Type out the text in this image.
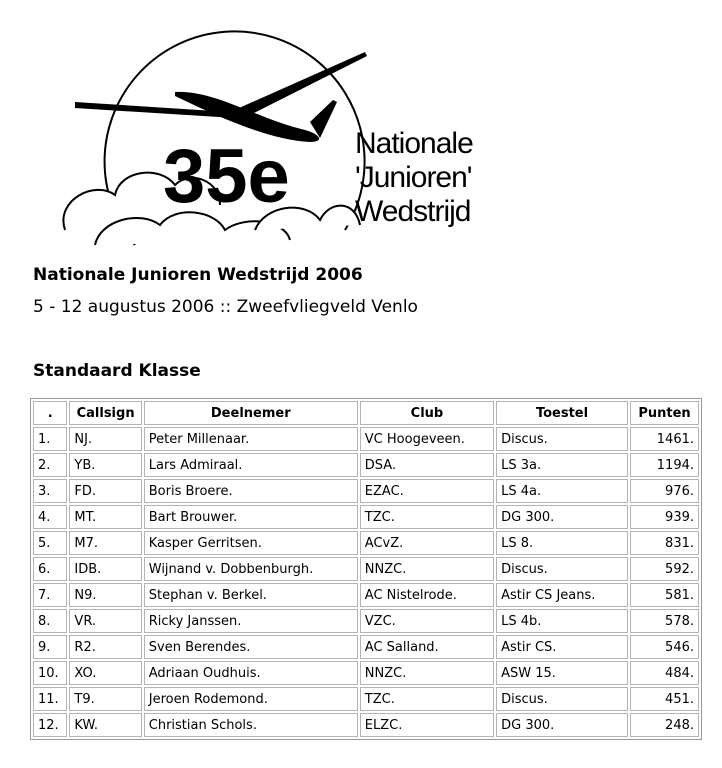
35e Nationale
'Junioren'
Wedstrijd
Nationale Junioren Wedstrijd 2006

5 - 12 augustus 2006 :: Zweefvliegveld Venlo

Standaard Klasse
.	Callsign	Deelnemer	Club	Toestel	Punten
1.	NJ.	Peter Millenaar.	VC Hoogeveen.	Discus.	1461.
2.	YB.	Lars Admiraal.	DSA.	LS 3a.	1194.
3.	FD.	Boris Broere.	EZAC.	LS 4a.	976.
4.	MT.	Bart Brouwer.	TZC.	DG 300.	939.
5.	M7.	Kasper Gerritsen.	ACvZ.	LS 8.	831.
6.	IDB.	Wijnand v. Dobbenburgh.	NNZC.	Discus.	592.
7.	N9.	Stephan v. Berkel.	AC Nistelrode.	Astir CS Jeans.	581.
8.	VR.	Ricky Janssen.	VZC.	LS 4b.	578.
9.	R2.	Sven Berendes.	AC Salland.	Astir CS.	546.
10.	XO.	Adriaan Oudhuis.	NNZC.	ASW 15.	484.
11.	T9.	Jeroen Rodemond.	TZC.	Discus.	451.
12.	KW.	Christian Schols.	ELZC.	DG 300.	248.
